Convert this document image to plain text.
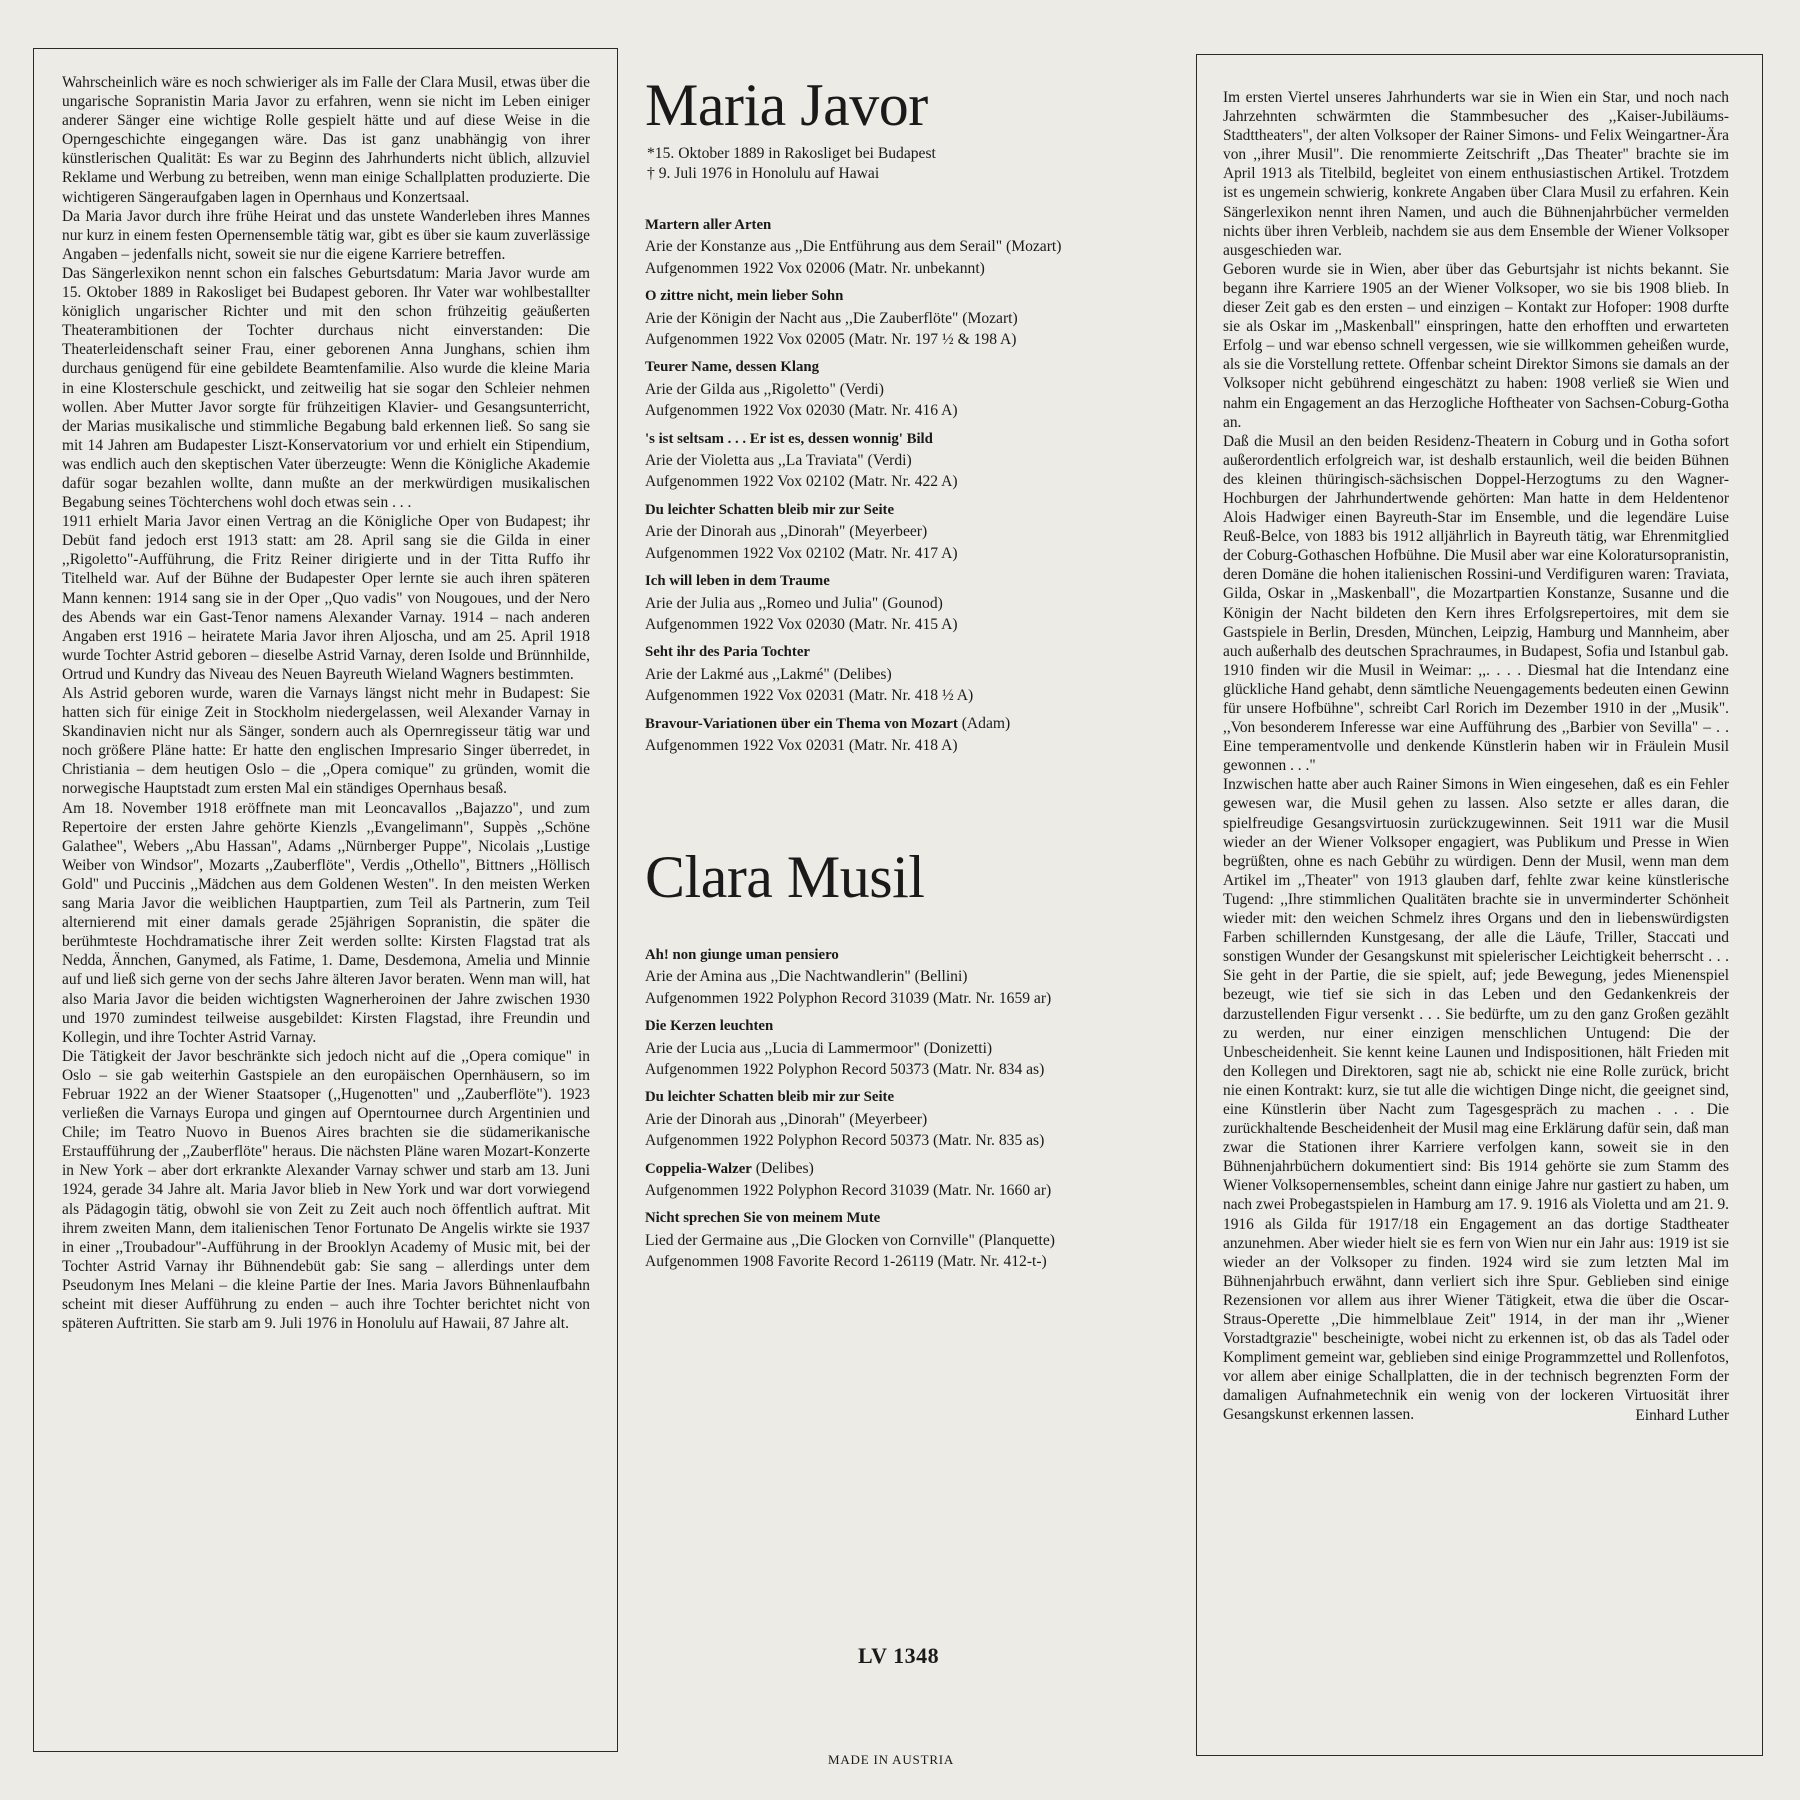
Wahrscheinlich wäre es noch schwieriger als im Falle der Clara Musil, etwas über die ungarische Sopranistin Maria Javor zu erfahren, wenn sie nicht im Leben einiger anderer Sänger eine wichtige Rolle gespielt hätte und auf diese Weise in die Operngeschichte eingegangen wäre. Das ist ganz unabhängig von ihrer künstlerischen Qualität: Es war zu Beginn des Jahrhunderts nicht üblich, allzuviel Reklame und Werbung zu betreiben, wenn man einige Schallplatten produzierte. Die wichtigeren Sängeraufgaben lagen in Opernhaus und Konzertsaal.

Da Maria Javor durch ihre frühe Heirat und das unstete Wanderleben ihres Mannes nur kurz in einem festen Opernensemble tätig war, gibt es über sie kaum zuverlässige Angaben – jedenfalls nicht, soweit sie nur die eigene Karriere betreffen.

Das Sängerlexikon nennt schon ein falsches Geburtsdatum: Maria Javor wurde am 15. Oktober 1889 in Rakosliget bei Budapest geboren. Ihr Vater war wohlbestallter königlich ungarischer Richter und mit den schon frühzeitig geäußerten Theaterambitionen der Tochter durchaus nicht einverstanden: Die Theaterleidenschaft seiner Frau, einer geborenen Anna Junghans, schien ihm durchaus genügend für eine gebildete Beamtenfamilie. Also wurde die kleine Maria in eine Klosterschule geschickt, und zeitweilig hat sie sogar den Schleier nehmen wollen. Aber Mutter Javor sorgte für frühzeitigen Klavier- und Gesangsunterricht, der Marias musikalische und stimmliche Begabung bald erkennen ließ. So sang sie mit 14 Jahren am Budapester Liszt-Konservatorium vor und erhielt ein Stipendium, was endlich auch den skeptischen Vater überzeugte: Wenn die Königliche Akademie dafür sogar bezahlen wollte, dann mußte an der merkwürdigen musikalischen Begabung seines Töchterchens wohl doch etwas sein . . .

1911 erhielt Maria Javor einen Vertrag an die Königliche Oper von Budapest; ihr Debüt fand jedoch erst 1913 statt: am 28. April sang sie die Gilda in einer ,,Rigoletto"-Aufführung, die Fritz Reiner dirigierte und in der Titta Ruffo ihr Titelheld war. Auf der Bühne der Budapester Oper lernte sie auch ihren späteren Mann kennen: 1914 sang sie in der Oper ,,Quo vadis" von Nougoues, und der Nero des Abends war ein Gast-Tenor namens Alexander Varnay. 1914 – nach anderen Angaben erst 1916 – heiratete Maria Javor ihren Aljoscha, und am 25. April 1918 wurde Tochter Astrid geboren – dieselbe Astrid Varnay, deren Isolde und Brünnhilde, Ortrud und Kundry das Niveau des Neuen Bayreuth Wieland Wagners bestimmten.

Als Astrid geboren wurde, waren die Varnays längst nicht mehr in Budapest: Sie hatten sich für einige Zeit in Stockholm niedergelassen, weil Alexander Varnay in Skandinavien nicht nur als Sänger, sondern auch als Opernregisseur tätig war und noch größere Pläne hatte: Er hatte den englischen Impresario Singer überredet, in Christiania – dem heutigen Oslo – die ,,Opera comique" zu gründen, womit die norwegische Hauptstadt zum ersten Mal ein ständiges Opernhaus besaß.

Am 18. November 1918 eröffnete man mit Leoncavallos ,,Bajazzo", und zum Repertoire der ersten Jahre gehörte Kienzls ,,Evangelimann", Suppès ,,Schöne Galathee", Webers ,,Abu Hassan", Adams ,,Nürnberger Puppe", Nicolais ,,Lustige Weiber von Windsor", Mozarts ,,Zauberflöte", Verdis ,,Othello", Bittners ,,Höllisch Gold" und Puccinis ,,Mädchen aus dem Goldenen Westen". In den meisten Werken sang Maria Javor die weiblichen Hauptpartien, zum Teil als Partnerin, zum Teil alternierend mit einer damals gerade 25jährigen Sopranistin, die später die berühmteste Hochdramatische ihrer Zeit werden sollte: Kirsten Flagstad trat als Nedda, Ännchen, Ganymed, als Fatime, 1. Dame, Desdemona, Amelia und Minnie auf und ließ sich gerne von der sechs Jahre älteren Javor beraten. Wenn man will, hat also Maria Javor die beiden wichtigsten Wagnerheroinen der Jahre zwischen 1930 und 1970 zumindest teilweise ausgebildet: Kirsten Flagstad, ihre Freundin und Kollegin, und ihre Tochter Astrid Varnay.

Die Tätigkeit der Javor beschränkte sich jedoch nicht auf die ,,Opera comique" in Oslo – sie gab weiterhin Gastspiele an den europäischen Opernhäusern, so im Februar 1922 an der Wiener Staatsoper (,,Hugenotten" und ,,Zauberflöte"). 1923 verließen die Varnays Europa und gingen auf Operntournee durch Argentinien und Chile; im Teatro Nuovo in Buenos Aires brachten sie die südamerikanische Erstaufführung der ,,Zauberflöte" heraus. Die nächsten Pläne waren Mozart-Konzerte in New York – aber dort erkrankte Alexander Varnay schwer und starb am 13. Juni 1924, gerade 34 Jahre alt. Maria Javor blieb in New York und war dort vorwiegend als Pädagogin tätig, obwohl sie von Zeit zu Zeit auch noch öffentlich auftrat. Mit ihrem zweiten Mann, dem italienischen Tenor Fortunato De Angelis wirkte sie 1937 in einer ,,Troubadour"-Aufführung in der Brooklyn Academy of Music mit, bei der Tochter Astrid Varnay ihr Bühnendebüt gab: Sie sang – allerdings unter dem Pseudonym Ines Melani – die kleine Partie der Ines. Maria Javors Bühnenlaufbahn scheint mit dieser Aufführung zu enden – auch ihre Tochter berichtet nicht von späteren Auftritten. Sie starb am 9. Juli 1976 in Honolulu auf Hawaii, 87 Jahre alt.

Maria Javor
*15. Oktober 1889 in Rakosliget bei Budapest
† 9. Juli 1976 in Honolulu auf Hawai
Martern aller Arten
Arie der Konstanze aus ,,Die Entführung aus dem Serail" (Mozart)
Aufgenommen 1922 Vox 02006 (Matr. Nr. unbekannt)
O zittre nicht, mein lieber Sohn
Arie der Königin der Nacht aus ,,Die Zauberflöte" (Mozart)
Aufgenommen 1922 Vox 02005 (Matr. Nr. 197 ½ & 198 A)
Teurer Name, dessen Klang
Arie der Gilda aus ,,Rigoletto" (Verdi)
Aufgenommen 1922 Vox 02030 (Matr. Nr. 416 A)
's ist seltsam . . . Er ist es, dessen wonnig' Bild
Arie der Violetta aus ,,La Traviata" (Verdi)
Aufgenommen 1922 Vox 02102 (Matr. Nr. 422 A)
Du leichter Schatten bleib mir zur Seite
Arie der Dinorah aus ,,Dinorah" (Meyerbeer)
Aufgenommen 1922 Vox 02102 (Matr. Nr. 417 A)
Ich will leben in dem Traume
Arie der Julia aus ,,Romeo und Julia" (Gounod)
Aufgenommen 1922 Vox 02030 (Matr. Nr. 415 A)
Seht ihr des Paria Tochter
Arie der Lakmé aus ,,Lakmé" (Delibes)
Aufgenommen 1922 Vox 02031 (Matr. Nr. 418 ½ A)
Bravour-Variationen über ein Thema von Mozart (Adam)
Aufgenommen 1922 Vox 02031 (Matr. Nr. 418 A)
Clara Musil
Ah! non giunge uman pensiero
Arie der Amina aus ,,Die Nachtwandlerin" (Bellini)
Aufgenommen 1922 Polyphon Record 31039 (Matr. Nr. 1659 ar)
Die Kerzen leuchten
Arie der Lucia aus ,,Lucia di Lammermoor" (Donizetti)
Aufgenommen 1922 Polyphon Record 50373 (Matr. Nr. 834 as)
Du leichter Schatten bleib mir zur Seite
Arie der Dinorah aus ,,Dinorah" (Meyerbeer)
Aufgenommen 1922 Polyphon Record 50373 (Matr. Nr. 835 as)
Coppelia-Walzer (Delibes)
Aufgenommen 1922 Polyphon Record 31039 (Matr. Nr. 1660 ar)
Nicht sprechen Sie von meinem Mute
Lied der Germaine aus ,,Die Glocken von Cornville" (Planquette)
Aufgenommen 1908 Favorite Record 1-26119 (Matr. Nr. 412-t-)
LV 1348
MADE IN AUSTRIA

Im ersten Viertel unseres Jahrhunderts war sie in Wien ein Star, und noch nach Jahrzehnten schwärmten die Stammbesucher des ,,Kaiser-Jubiläums-Stadttheaters", der alten Volksoper der Rainer Simons- und Felix Weingartner-Ära von ,,ihrer Musil". Die renommierte Zeitschrift ,,Das Theater" brachte sie im April 1913 als Titelbild, begleitet von einem enthusiastischen Artikel. Trotzdem ist es ungemein schwierig, konkrete Angaben über Clara Musil zu erfahren. Kein Sängerlexikon nennt ihren Namen, und auch die Bühnenjahrbücher vermelden nichts über ihren Verbleib, nachdem sie aus dem Ensemble der Wiener Volksoper ausgeschieden war.

Geboren wurde sie in Wien, aber über das Geburtsjahr ist nichts bekannt. Sie begann ihre Karriere 1905 an der Wiener Volksoper, wo sie bis 1908 blieb. In dieser Zeit gab es den ersten – und einzigen – Kontakt zur Hofoper: 1908 durfte sie als Oskar im ,,Maskenball" einspringen, hatte den erhofften und erwarteten Erfolg – und war ebenso schnell vergessen, wie sie willkommen geheißen wurde, als sie die Vorstellung rettete. Offenbar scheint Direktor Simons sie damals an der Volksoper nicht gebührend eingeschätzt zu haben: 1908 verließ sie Wien und nahm ein Engagement an das Herzogliche Hoftheater von Sachsen-Coburg-Gotha an.

Daß die Musil an den beiden Residenz-Theatern in Coburg und in Gotha sofort außerordentlich erfolgreich war, ist deshalb erstaunlich, weil die beiden Bühnen des kleinen thüringisch-sächsischen Doppel-Herzogtums zu den Wagner-Hochburgen der Jahrhundertwende gehörten: Man hatte in dem Heldentenor Alois Hadwiger einen Bayreuth-Star im Ensemble, und die legendäre Luise Reuß-Belce, von 1883 bis 1912 alljährlich in Bayreuth tätig, war Ehrenmitglied der Coburg-Gothaschen Hofbühne. Die Musil aber war eine Koloratursopranistin, deren Domäne die hohen italienischen Rossini-und Verdifiguren waren: Traviata, Gilda, Oskar in ,,Maskenball", die Mozartpartien Konstanze, Susanne und die Königin der Nacht bildeten den Kern ihres Erfolgsrepertoires, mit dem sie Gastspiele in Berlin, Dresden, München, Leipzig, Hamburg und Mannheim, aber auch außerhalb des deutschen Sprachraumes, in Budapest, Sofia und Istanbul gab.

1910 finden wir die Musil in Weimar: ,,. . . . Diesmal hat die Intendanz eine glückliche Hand gehabt, denn sämtliche Neuengagements bedeuten einen Gewinn für unsere Hofbühne", schreibt Carl Rorich im Dezember 1910 in der ,,Musik". ,,Von besonderem Inferesse war eine Aufführung des ,,Barbier von Sevilla" – . . Eine temperamentvolle und denkende Künstlerin haben wir in Fräulein Musil gewonnen . . ."

Inzwischen hatte aber auch Rainer Simons in Wien eingesehen, daß es ein Fehler gewesen war, die Musil gehen zu lassen. Also setzte er alles daran, die spielfreudige Gesangsvirtuosin zurückzugewinnen. Seit 1911 war die Musil wieder an der Wiener Volksoper engagiert, was Publikum und Presse in Wien begrüßten, ohne es nach Gebühr zu würdigen. Denn der Musil, wenn man dem Artikel im ,,Theater" von 1913 glauben darf, fehlte zwar keine künstlerische Tugend: ,,Ihre stimmlichen Qualitäten brachte sie in unverminderter Schönheit wieder mit: den weichen Schmelz ihres Organs und den in liebenswürdigsten Farben schillernden Kunstgesang, der alle die Läufe, Triller, Staccati und sonstigen Wunder der Gesangskunst mit spielerischer Leichtigkeit beherrscht . . . Sie geht in der Partie, die sie spielt, auf; jede Bewegung, jedes Mienenspiel bezeugt, wie tief sie sich in das Leben und den Gedankenkreis der darzustellenden Figur versenkt . . . Sie bedürfte, um zu den ganz Großen gezählt zu werden, nur einer einzigen menschlichen Untugend: Die der Unbescheidenheit. Sie kennt keine Launen und Indispositionen, hält Frieden mit den Kollegen und Direktoren, sagt nie ab, schickt nie eine Rolle zurück, bricht nie einen Kontrakt: kurz, sie tut alle die wichtigen Dinge nicht, die geeignet sind, eine Künstlerin über Nacht zum Tagesgespräch zu machen . . . Die zurückhaltende Bescheidenheit der Musil mag eine Erklärung dafür sein, daß man zwar die Stationen ihrer Karriere verfolgen kann, soweit sie in den Bühnenjahrbüchern dokumentiert sind: Bis 1914 gehörte sie zum Stamm des Wiener Volksopernensembles, scheint dann einige Jahre nur gastiert zu haben, um nach zwei Probegastspielen in Hamburg am 17. 9. 1916 als Violetta und am 21. 9. 1916 als Gilda für 1917/18 ein Engagement an das dortige Stadtheater anzunehmen. Aber wieder hielt sie es fern von Wien nur ein Jahr aus: 1919 ist sie wieder an der Volksoper zu finden. 1924 wird sie zum letzten Mal im Bühnenjahrbuch erwähnt, dann verliert sich ihre Spur. Geblieben sind einige Rezensionen vor allem aus ihrer Wiener Tätigkeit, etwa die über die Oscar-Straus-Operette ,,Die himmelblaue Zeit" 1914, in der man ihr ,,Wiener Vorstadtgrazie" bescheinigte, wobei nicht zu erkennen ist, ob das als Tadel oder Kompliment gemeint war, geblieben sind einige Programmzettel und Rollenfotos, vor allem aber einige Schallplatten, die in der technisch begrenzten Form der damaligen Aufnahmetechnik ein wenig von der lockeren Virtuosität ihrer Gesangskunst erkennen lassen.	Einhard Luther
